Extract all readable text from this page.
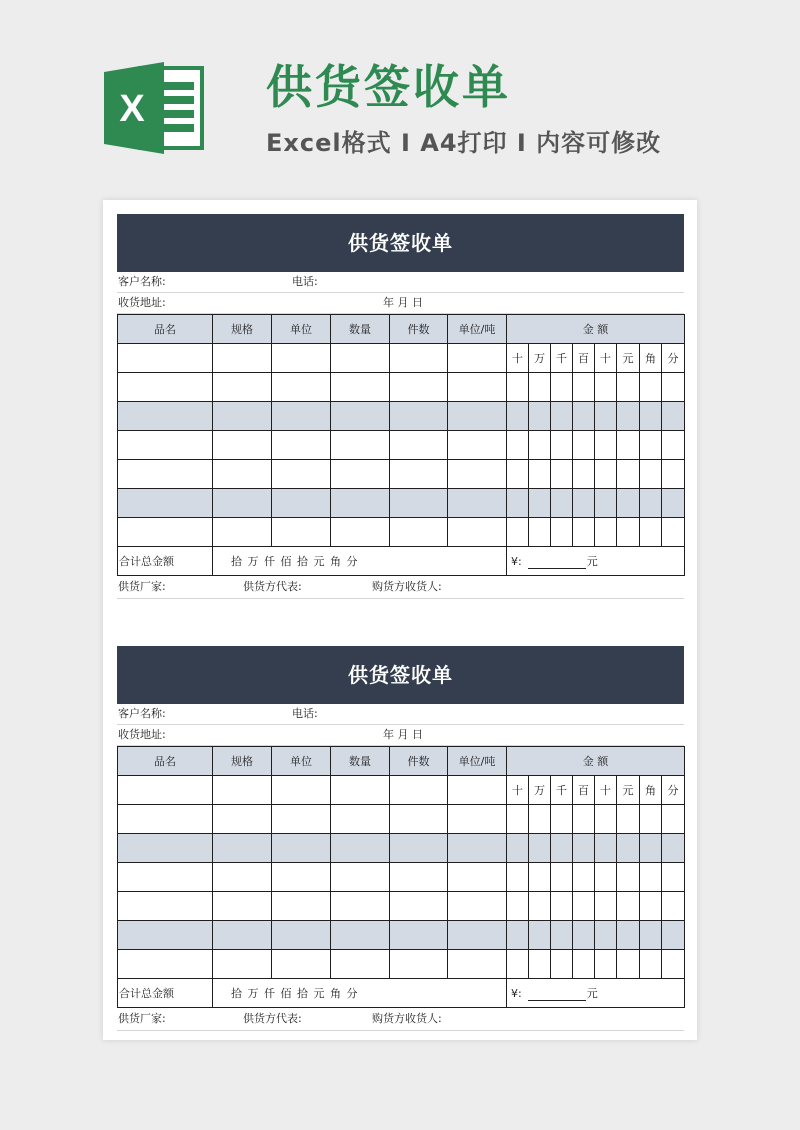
X	供货签收单
Excel格式 I A4打印 I 内容可修改
供货签收单
客户名称:	电话:
收货地址:	年 月 日
品名	规格	单位	数量	件数	单位/吨	金 额							
						十	万	千	百	十	元	角	分

合计总金额	拾 万 仟 佰 拾 元 角 分					¥: 元							
供货厂家:	供货方代表:	购货方收货人:
供货签收单
客户名称:	电话:
收货地址:	年 月 日
品名	规格	单位	数量	件数	单位/吨	金 额							
						十	万	千	百	十	元	角	分

合计总金额	拾 万 仟 佰 拾 元 角 分					¥: 元							
供货厂家:	供货方代表:	购货方收货人:
